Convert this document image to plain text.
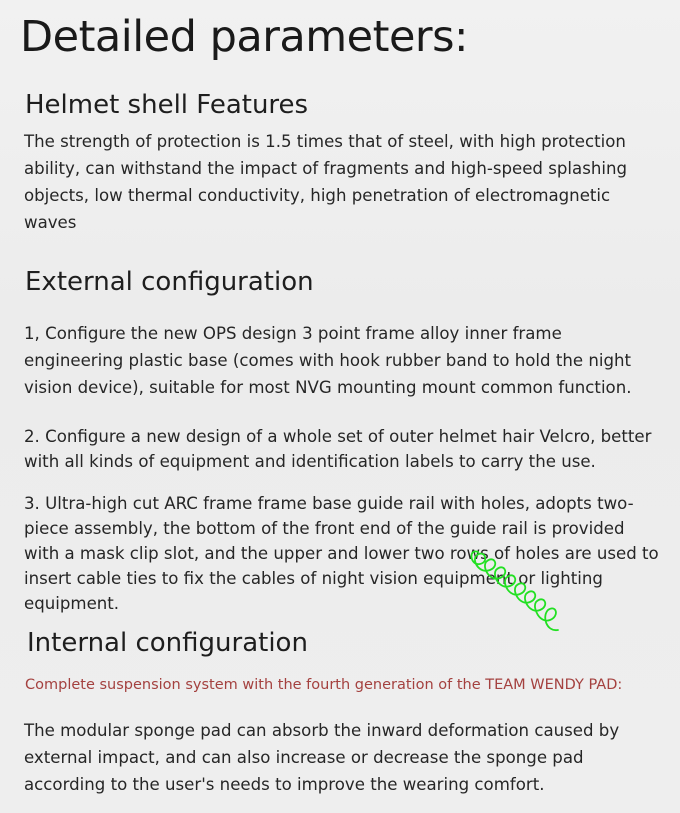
Detailed parameters:
Helmet shell Features
The strength of protection is 1.5 times that of steel, with high protection ability, can withstand the impact of fragments and high-speed splashing objects, low thermal conductivity, high penetration of electromagnetic waves
External configuration
1, Configure the new OPS design 3 point frame alloy inner frame engineering plastic base (comes with hook rubber band to hold the night vision device), suitable for most NVG mounting mount common function.
2. Configure a new design of a whole set of outer helmet hair Velcro, better with all kinds of equipment and identification labels to carry the use.
3. Ultra-high cut ARC frame frame base guide rail with holes, adopts two-piece assembly, the bottom of the front end of the guide rail is provided with a mask clip slot, and the upper and lower two rows of holes are used to insert cable ties to fix the cables of night vision equipment or lighting equipment.
Internal configuration
Complete suspension system with the fourth generation of the TEAM WENDY PAD:
The modular sponge pad can absorb the inward deformation caused by external impact, and can also increase or decrease the sponge pad according to the user's needs to improve the wearing comfort.
